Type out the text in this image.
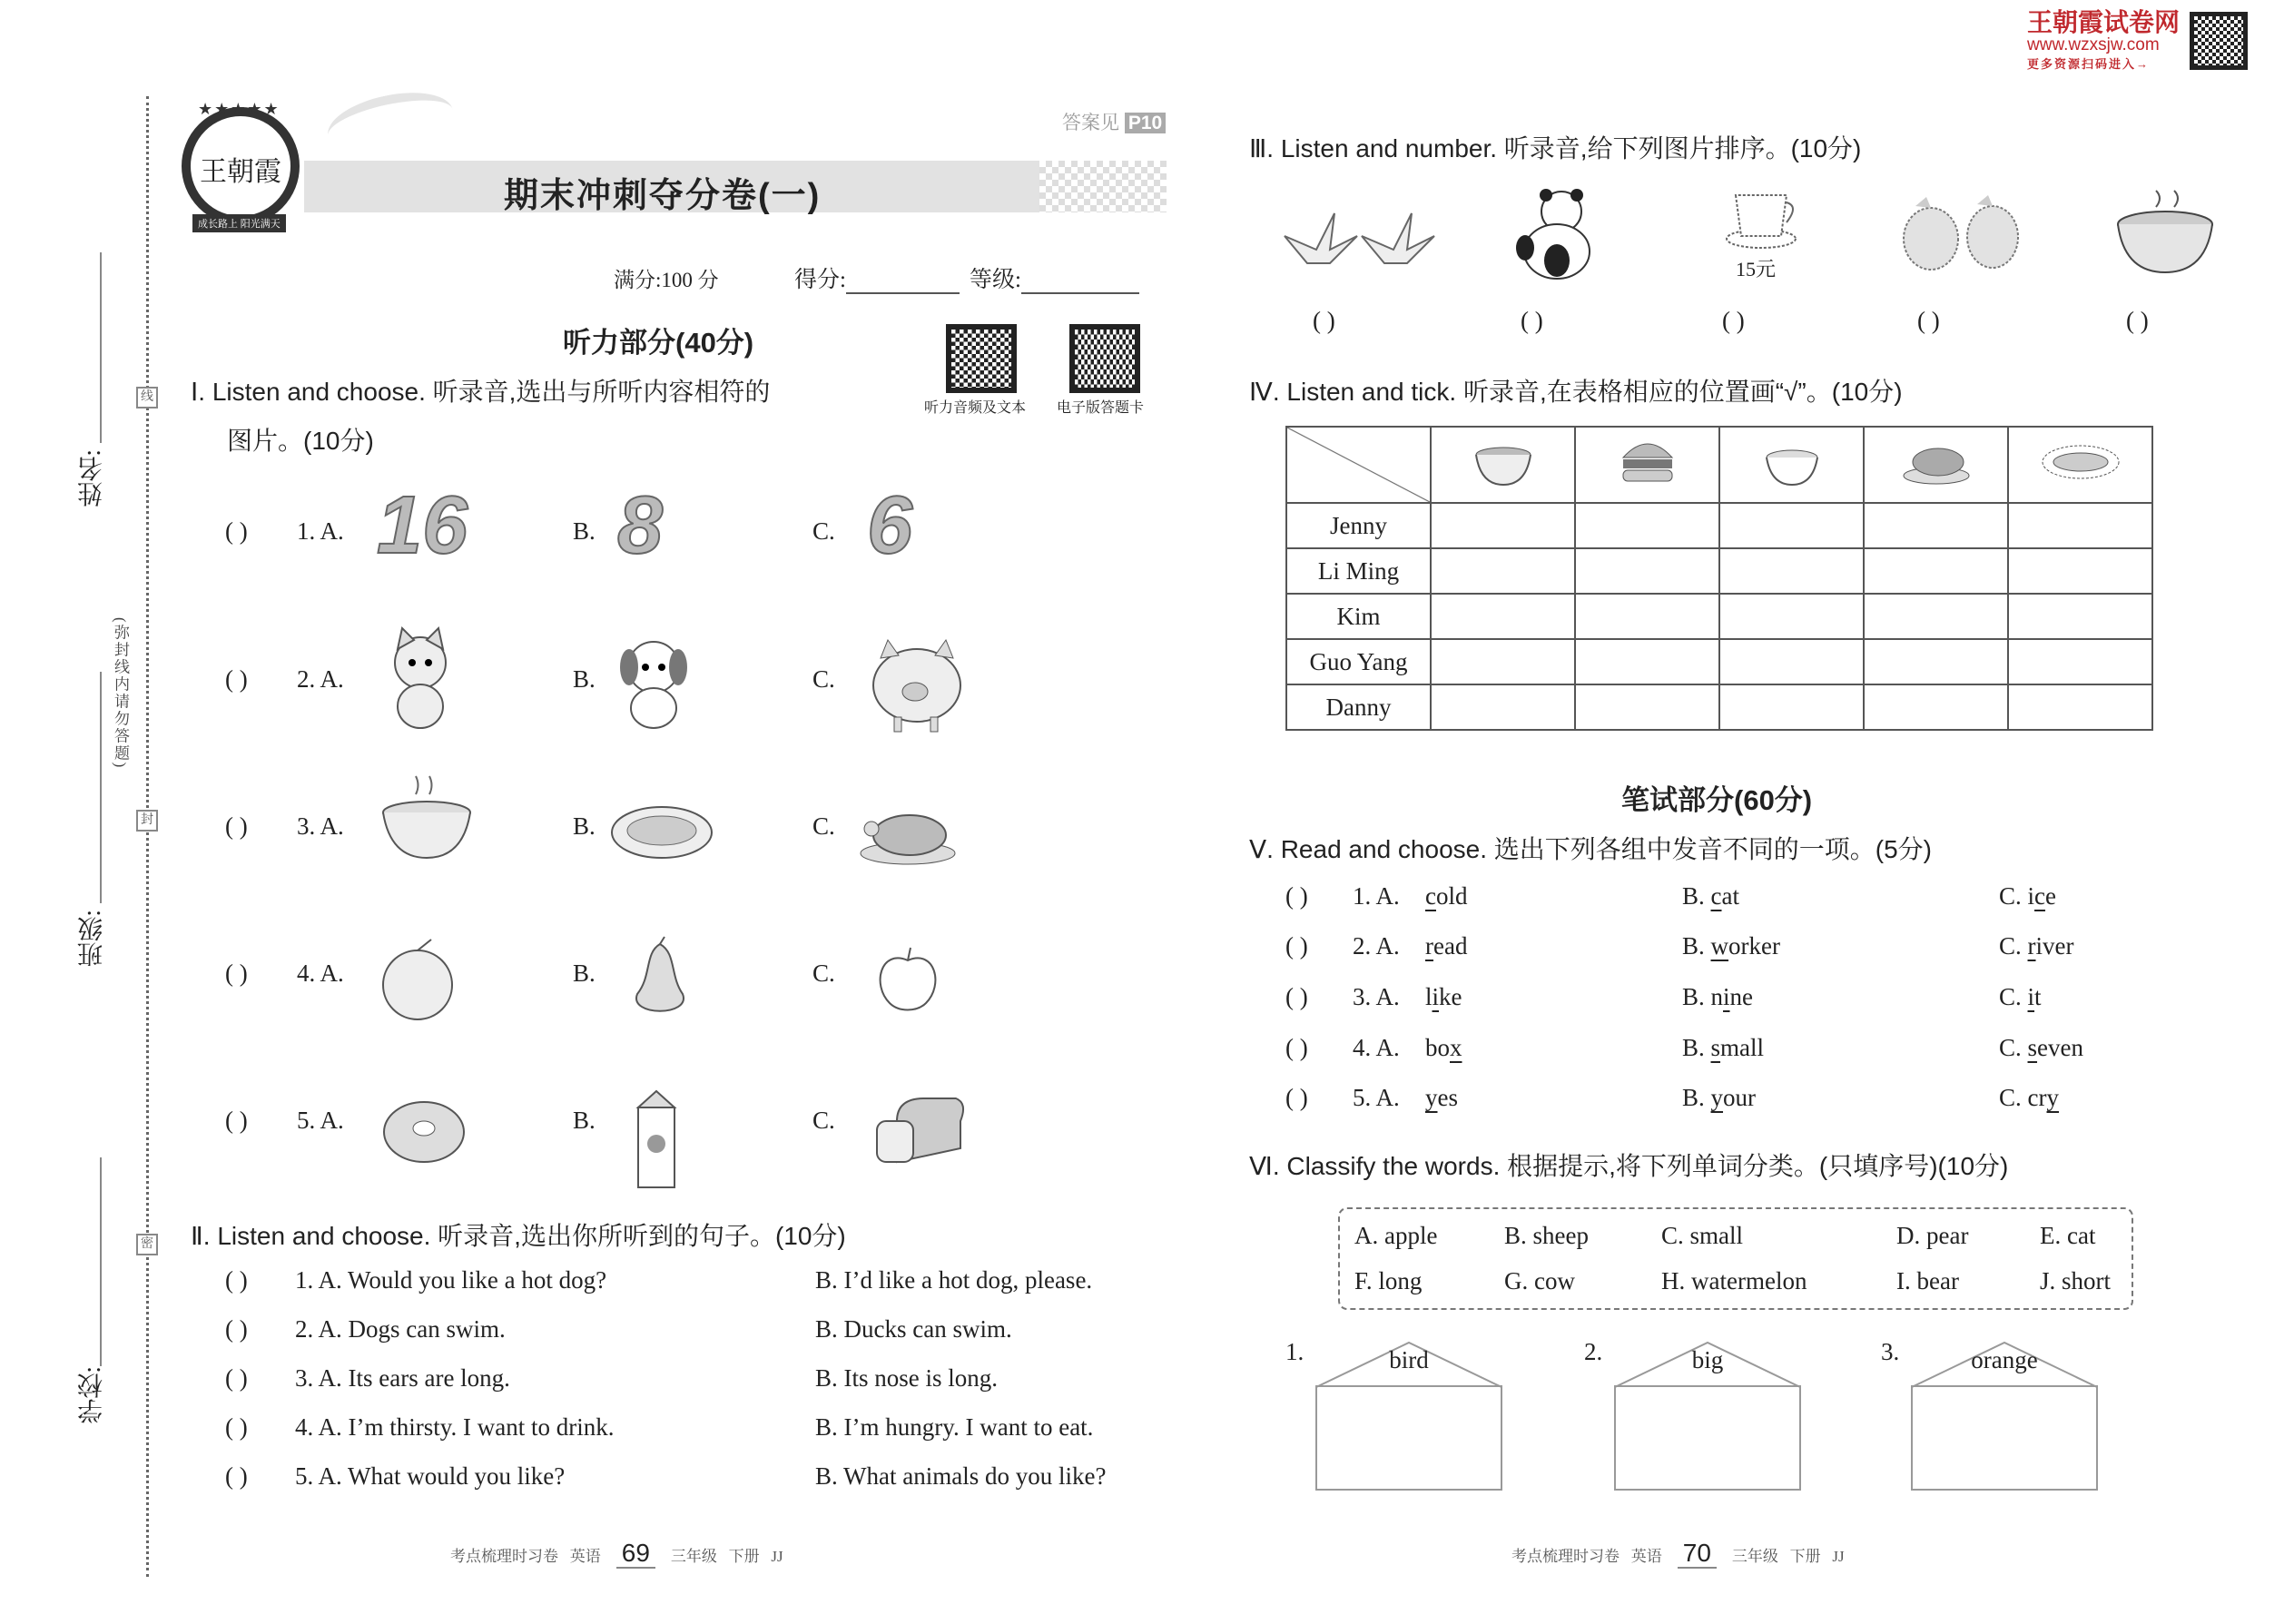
线
封
密
(弥封线内请勿答题)
姓名:
班级:
学校:
王朝霞
成长路上 阳光满天
★★★★★
答案见 P10
期末冲刺夺分卷(一)
满分:100 分	得分:	等级:
听力部分(40分)
听力音频及文本 电子版答题卡
Ⅰ. Listen and choose. 听录音,选出与所听内容相符的
图片。(10分)
( ) 1. A. 16	B. 8	C. 6
( ) 2. A.	B.	C.
( ) 3. A.	B.	C.
( ) 4. A.	B.	C.
( ) 5. A.	B.	C.
Ⅱ. Listen and choose. 听录音,选出你所听到的句子。(10分)
( ) 1. A. Would you like a hot dog?	B. I’d like a hot dog, please.
( ) 2. A. Dogs can swim.	B. Ducks can swim.
( ) 3. A. Its ears are long.	B. Its nose is long.
( ) 4. A. I’m thirsty. I want to drink.	B. I’m hungry. I want to eat.
( ) 5. A. What would you like?	B. What animals do you like?
考点梳理时习卷 英语 69 三年级 下册 JJ
王朝霞试卷网
www.wzxsjw.com
更多资源扫码进入→
Ⅲ. Listen and number. 听录音,给下列图片排序。(10分)
15元
( )	( )	( )	( )	( )
Ⅳ. Listen and tick. 听录音,在表格相应的位置画“√”。(10分)

Jenny					
Li Ming					
Kim					
Guo Yang					
Danny					
笔试部分(60分)
Ⅴ. Read and choose. 选出下列各组中发音不同的一项。(5分)
( ) 1. A. cold	B. cat	C. ice
( ) 2. A. read	B. worker	C. river
( ) 3. A. like	B. nine	C. it
( ) 4. A. box	B. small	C. seven
( ) 5. A. yes	B. your	C. cry
Ⅵ. Classify the words. 根据提示,将下列单词分类。(只填序号)(10分)
A. apple	B. sheep	C. small	D. pear	E. cat
F. long	G. cow	H. watermelon	I. bear	J. short
1.	bird	2.	big	3.	orange
考点梳理时习卷 英语 70 三年级 下册 JJ
